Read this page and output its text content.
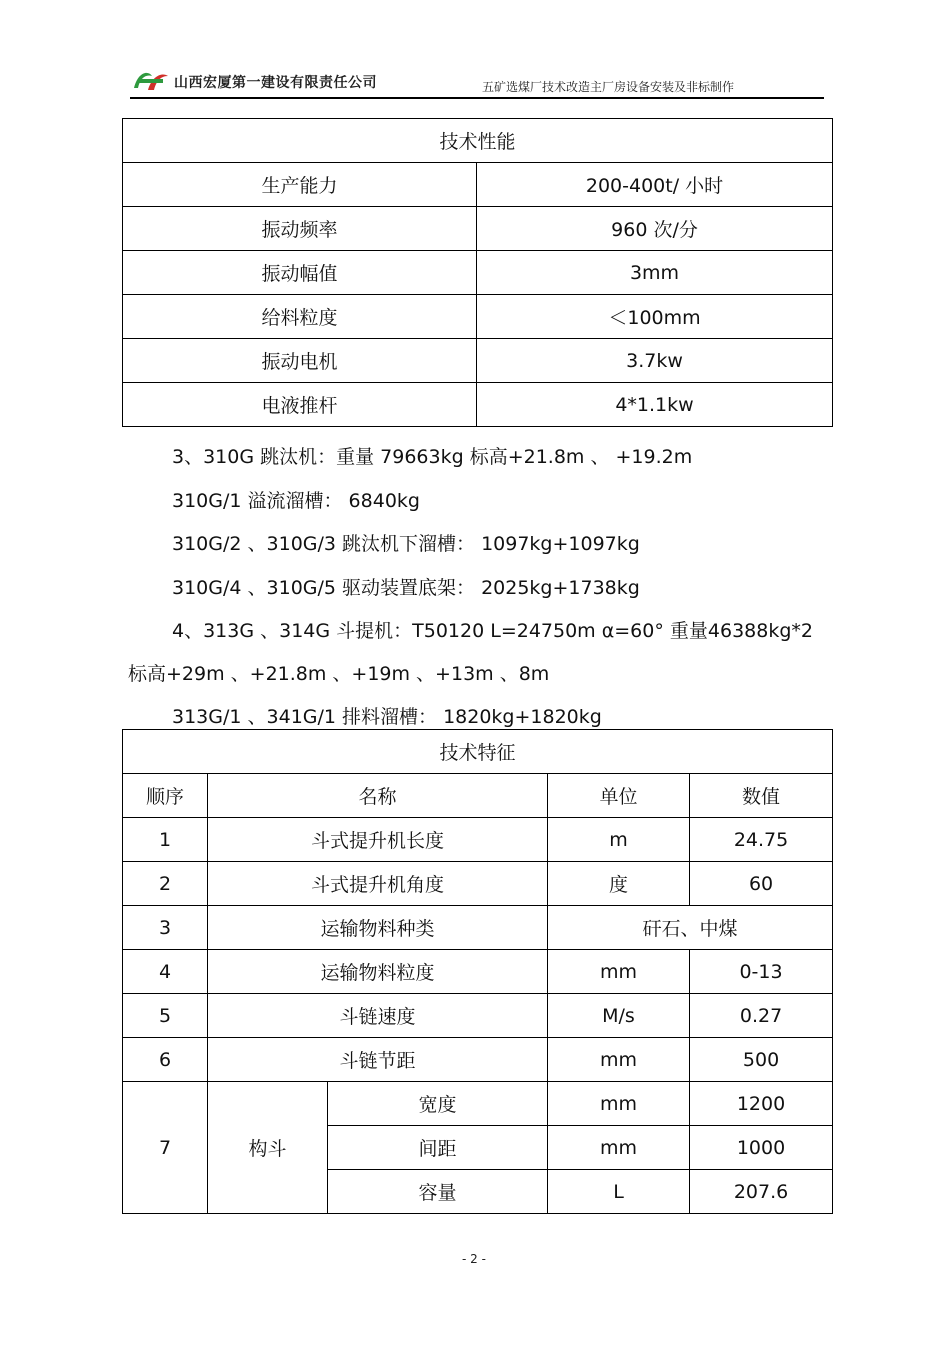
山西宏厦第一建设有限责任公司	五矿选煤厂技术改造主厂房设备安装及非标制作
技术性能	
生产能力	200-400t/ 小时
振动频率	960 次/分
振动幅值	3mm
给料粒度	＜100mm
振动电机	3.7kw
电液推杆	4*1.1kw
3、310G 跳汰机：重量 79663kg 标高+21.8m 、 +19.2m
310G/1 溢流溜槽： 6840kg
310G/2 、310G/3 跳汰机下溜槽： 1097kg+1097kg
310G/4 、310G/5 驱动装置底架： 2025kg+1738kg
4、313G 、314G 斗提机：T50120 L=24750m α=60° 重量46388kg*2
标高+29m 、+21.8m 、+19m 、+13m 、8m
313G/1 、341G/1 排料溜槽： 1820kg+1820kg
技术特征				
顺序	名称		单位	数值
1	斗式提升机长度		m	24.75
2	斗式提升机角度		度	60
3	运输物料种类		矸石、中煤	
4	运输物料粒度		mm	0-13
5	斗链速度		M/s	0.27
6	斗链节距		mm	500
7	构斗	宽度	mm	1200
		间距	mm	1000
		容量	L	207.6
- 2 -
